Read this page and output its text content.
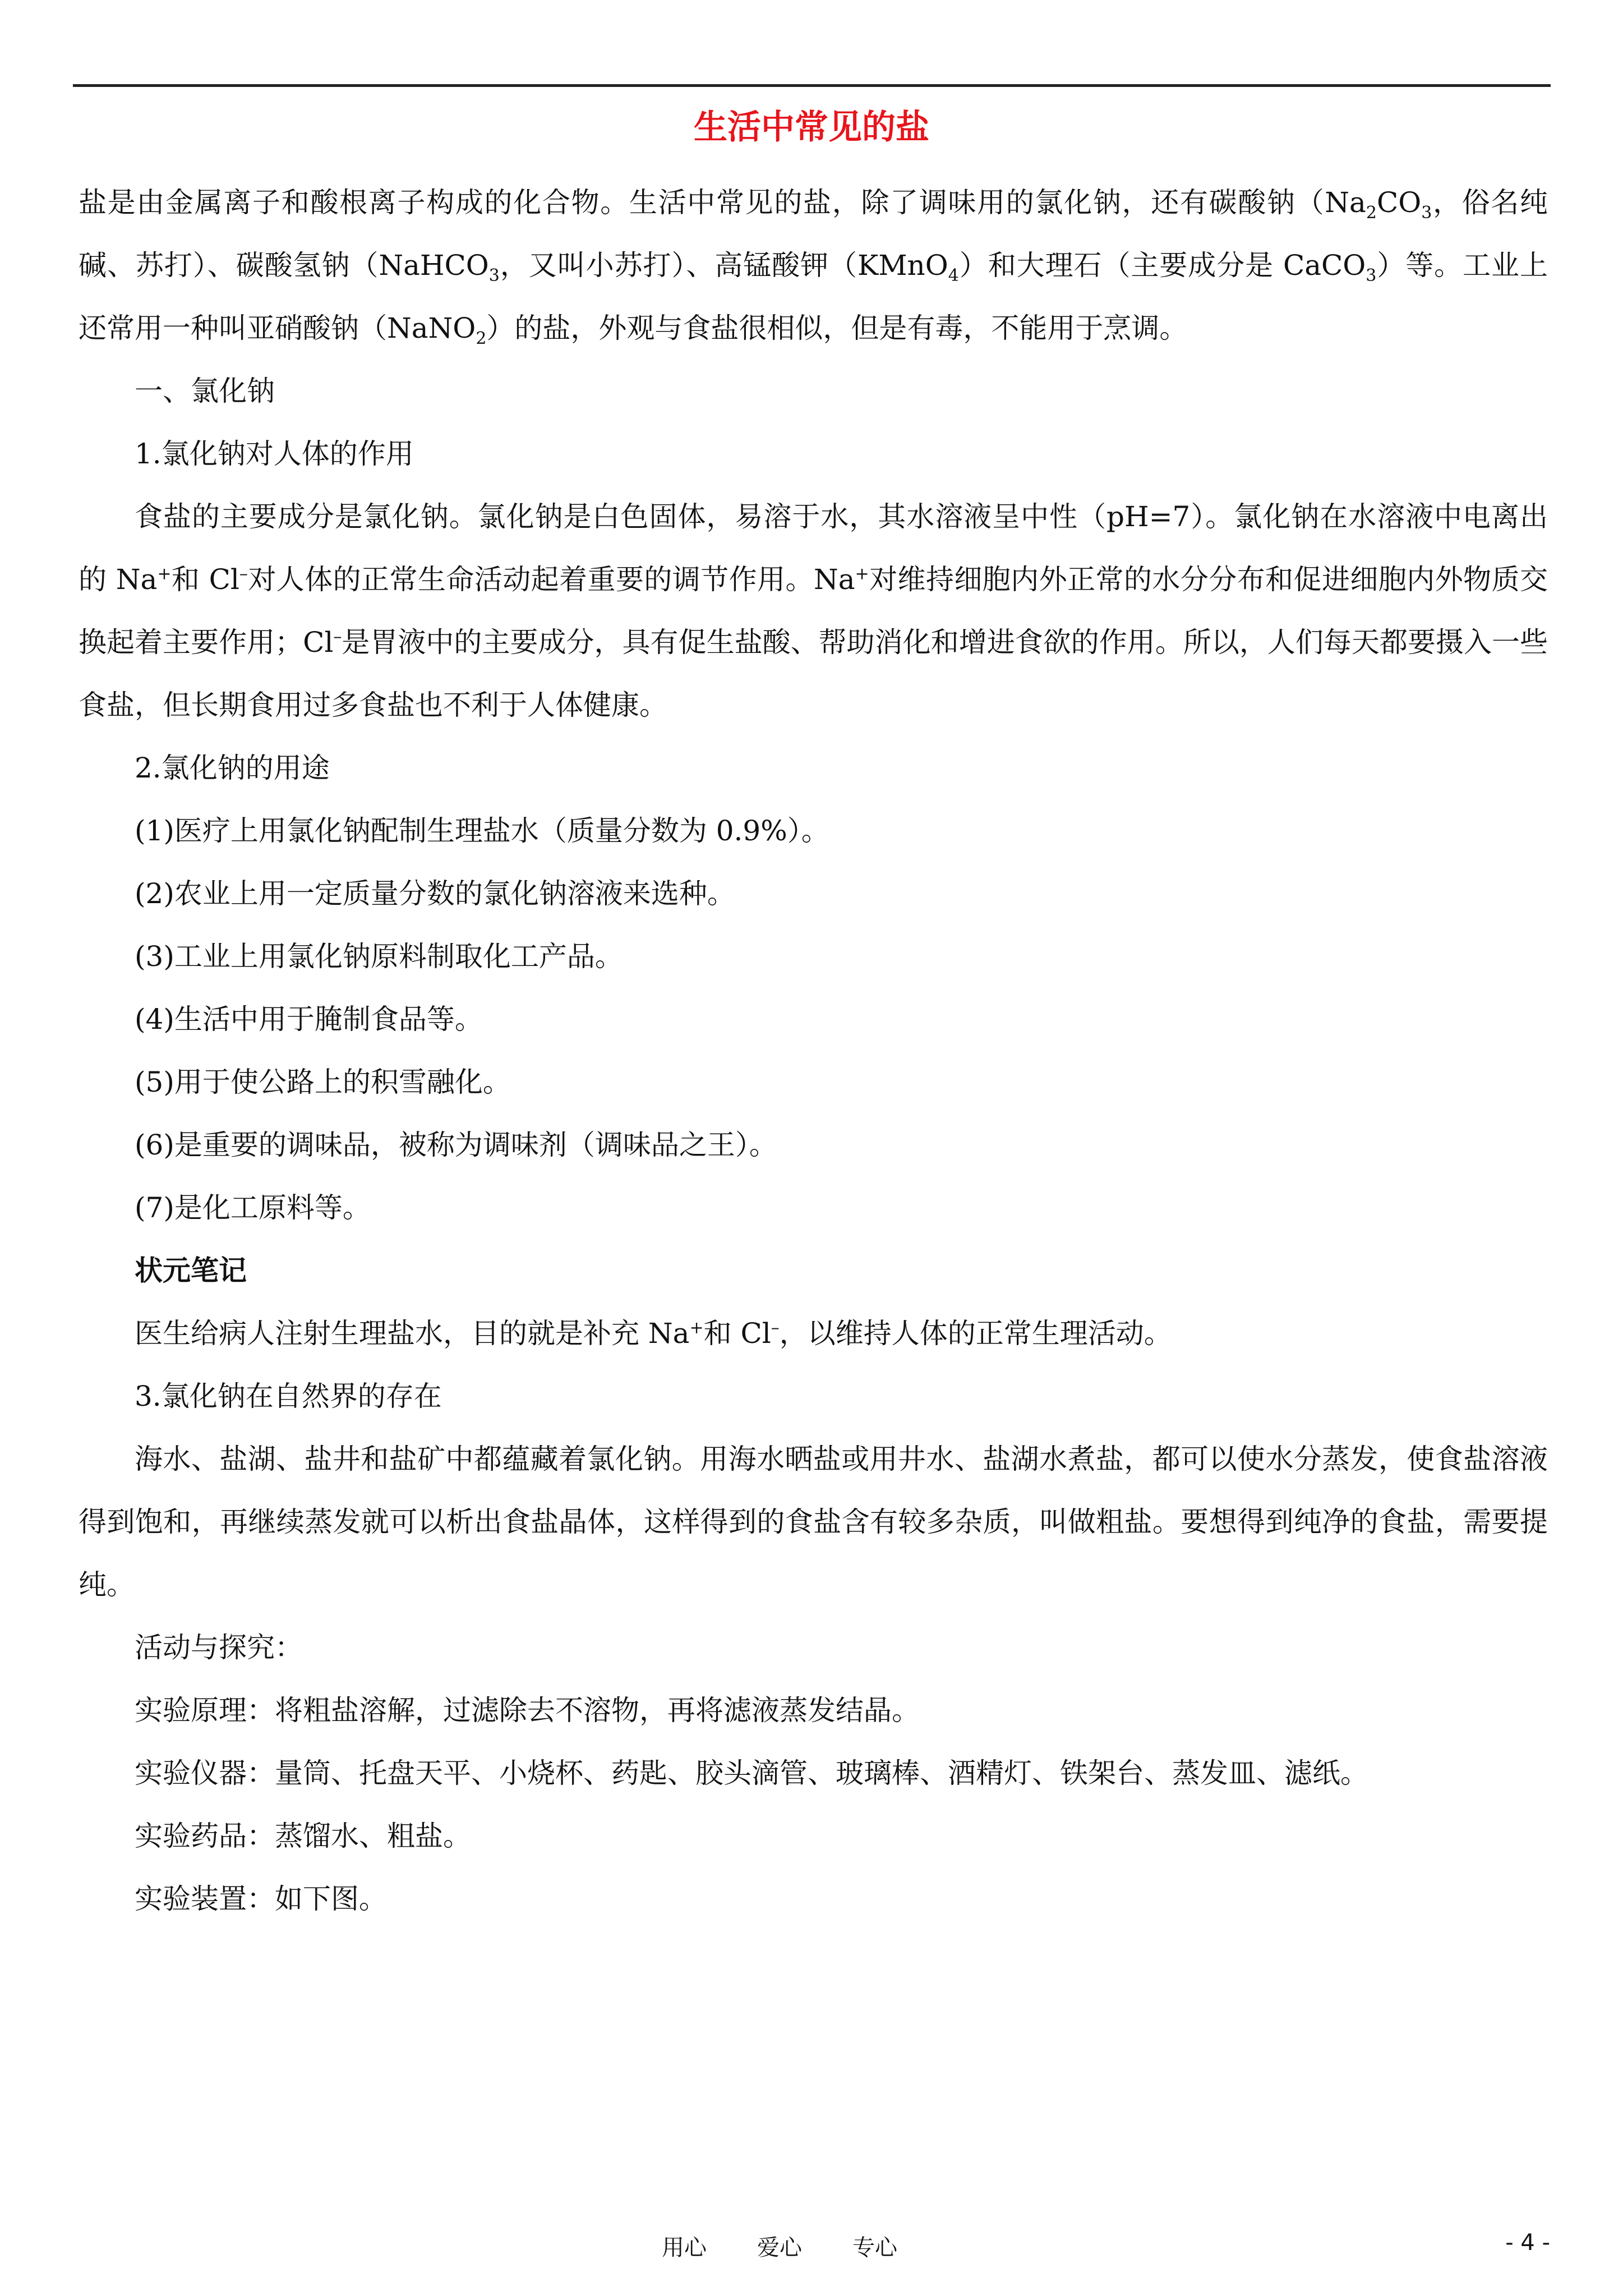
生活中常见的盐

盐是由金属离子和酸根离子构成的化合物。生活中常见的盐，除了调味用的氯化钠，还有碳酸钠（$Na_2CO_3$，俗名纯碱、苏打）、碳酸氢钠（NaHCO$_3$，又叫小苏打）、高锰酸钾（KMnO$_4$）和大理石（主要成分是 CaCO$_3$）等。工业上还常用一种叫亚硝酸钠（NaNO$_2$）的盐，外观与食盐很相似，但是有毒，不能用于烹调。

一、氯化钠

1.氯化钠对人体的作用

食盐的主要成分是氯化钠。氯化钠是白色固体，易溶于水，其水溶液呈中性（pH=7）。氯化钠在水溶液中电离出的 Na+和 Cl–对人体的正常生命活动起着重要的调节作用。Na+对维持细胞内外正常的水分分布和促进细胞内外物质交换起着主要作用；Cl–是胃液中的主要成分，具有促生盐酸、帮助消化和增进食欲的作用。所以，人们每天都要摄入一些食盐，但长期食用过多食盐也不利于人体健康。

2.氯化钠的用途

(1)医疗上用氯化钠配制生理盐水（质量分数为 0.9%）。

(2)农业上用一定质量分数的氯化钠溶液来选种。

(3)工业上用氯化钠原料制取化工产品。

(4)生活中用于腌制食品等。

(5)用于使公路上的积雪融化。

(6)是重要的调味品，被称为调味剂（调味品之王）。

(7)是化工原料等。

状元笔记

医生给病人注射生理盐水，目的就是补充 Na+和 Cl–，以维持人体的正常生理活动。

3.氯化钠在自然界的存在

海水、盐湖、盐井和盐矿中都蕴藏着氯化钠。用海水晒盐或用井水、盐湖水煮盐，都可以使水分蒸发，使食盐溶液得到饱和，再继续蒸发就可以析出食盐晶体，这样得到的食盐含有较多杂质，叫做粗盐。要想得到纯净的食盐，需要提纯。

活动与探究：

实验原理：将粗盐溶解，过滤除去不溶物，再将滤液蒸发结晶。

实验仪器：量筒、托盘天平、小烧杯、药匙、胶头滴管、玻璃棒、酒精灯、铁架台、蒸发皿、滤纸。

实验药品：蒸馏水、粗盐。

实验装置：如下图。

用心 爱心 专心	- 4 -
